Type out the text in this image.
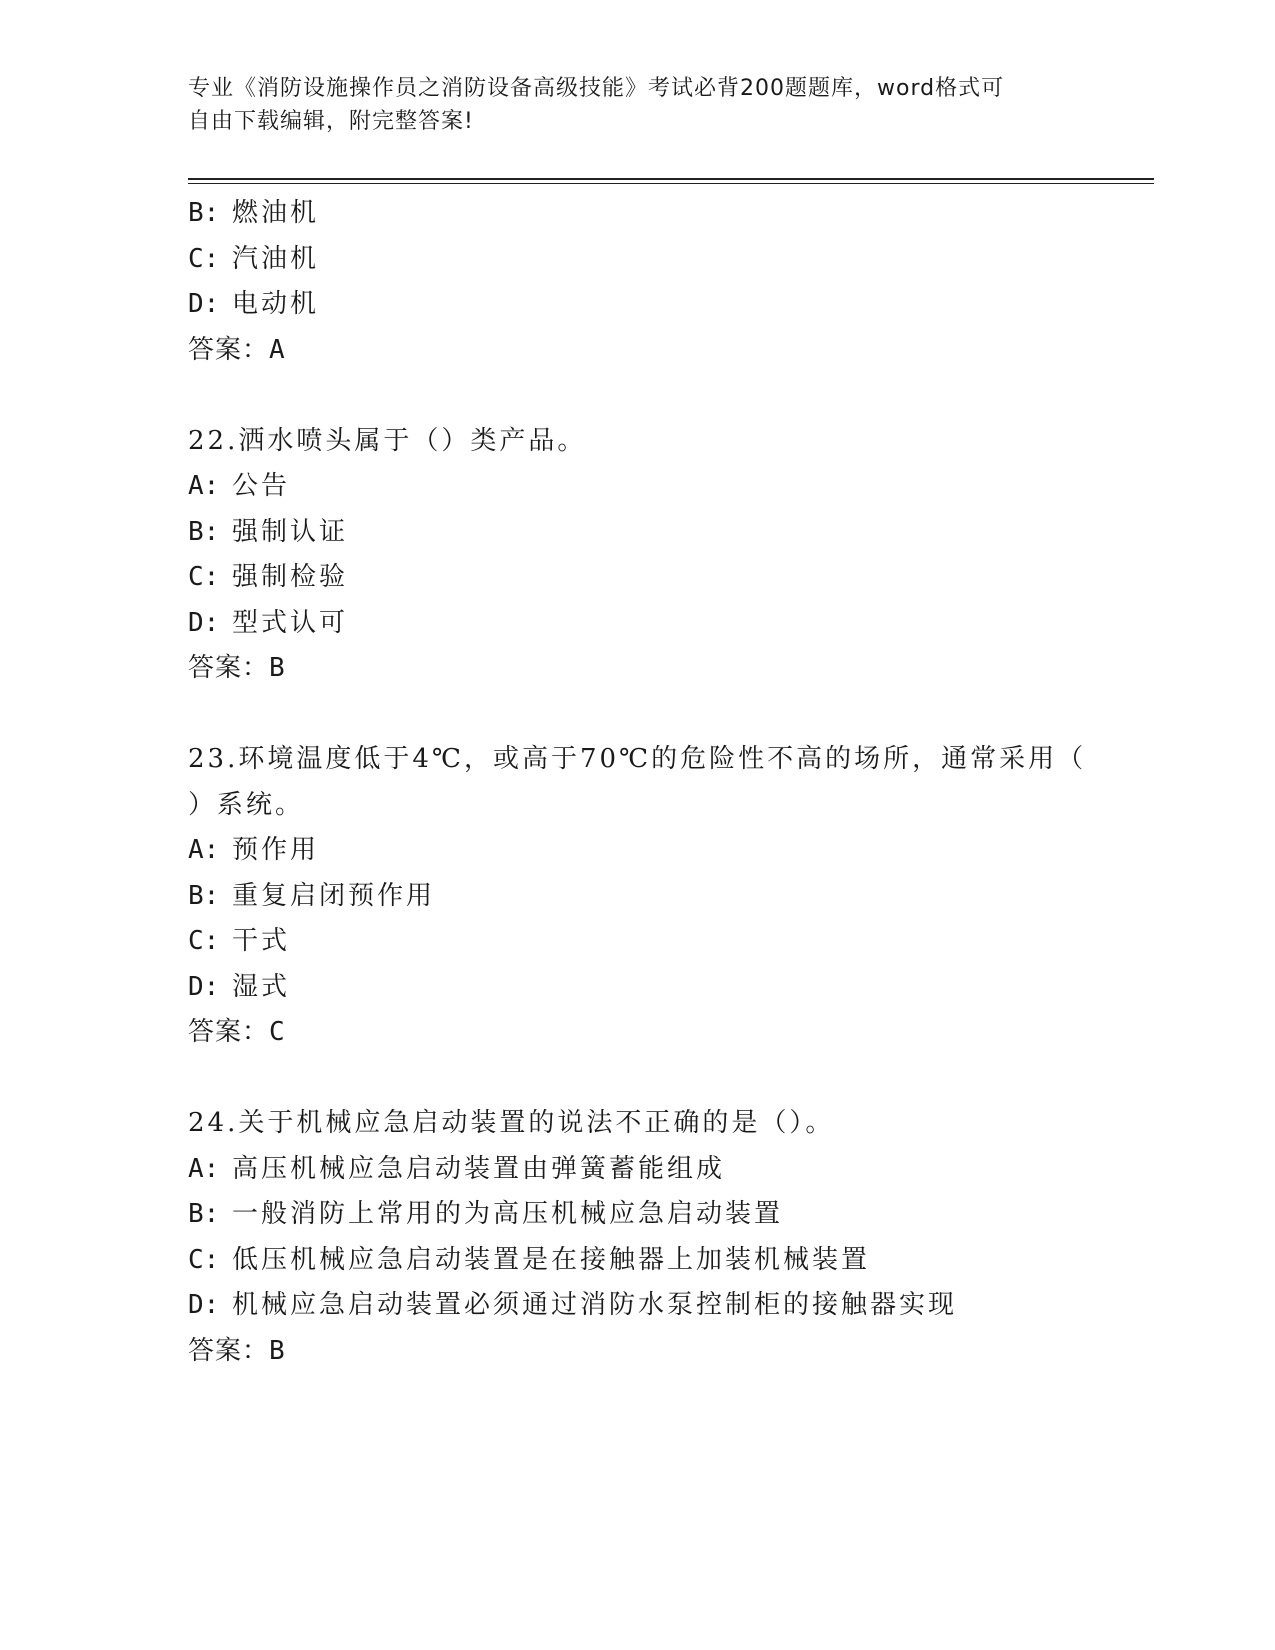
专业《消防设施操作员之消防设备高级技能》考试必背200题题库，word格式可
自由下载编辑，附完整答案!
B: 燃油机
C: 汽油机
D: 电动机
答案：A
22.洒水喷头属于（）类产品。
A: 公告
B: 强制认证
C: 强制检验
D: 型式认可
答案：B
23.环境温度低于4℃，或高于70℃的危险性不高的场所，通常采用（
）系统。
A: 预作用
B: 重复启闭预作用
C: 干式
D: 湿式
答案：C
24.关于机械应急启动装置的说法不正确的是（）。
A: 高压机械应急启动装置由弹簧蓄能组成
B: 一般消防上常用的为高压机械应急启动装置
C: 低压机械应急启动装置是在接触器上加装机械装置
D: 机械应急启动装置必须通过消防水泵控制柜的接触器实现
答案：B
